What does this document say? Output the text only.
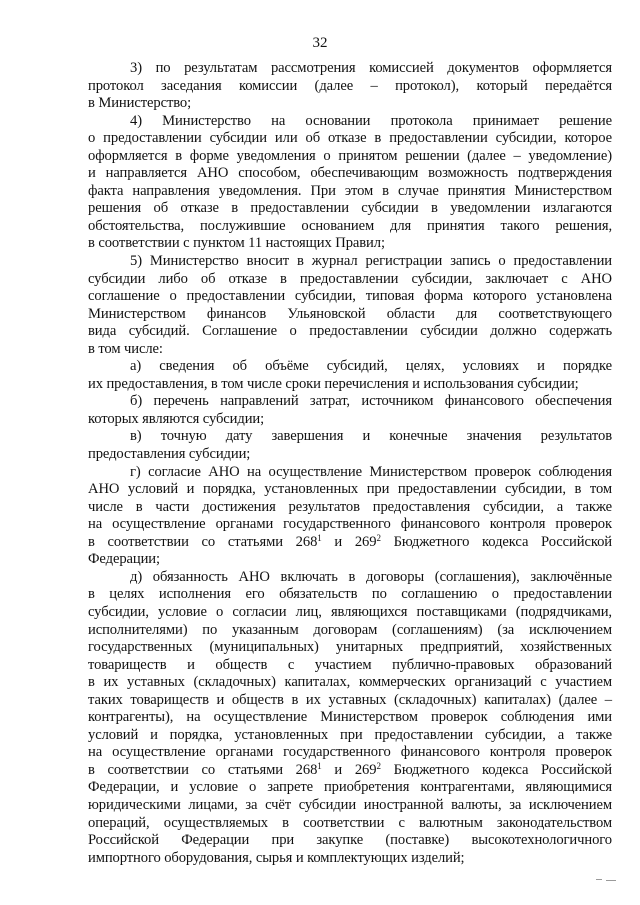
32
3) по результатам рассмотрения комиссией документов оформляется
протокол заседания комиссии (далее – протокол), который передаётся
в Министерство;
4) Министерство на основании протокола принимает решение
о предоставлении субсидии или об отказе в предоставлении субсидии, которое
оформляется в форме уведомления о принятом решении (далее – уведомление)
и направляется АНО способом, обеспечивающим возможность подтверждения
факта направления уведомления. При этом в случае принятия Министерством
решения об отказе в предоставлении субсидии в уведомлении излагаются
обстоятельства, послужившие основанием для принятия такого решения,
в соответствии с пунктом 11 настоящих Правил;
5) Министерство вносит в журнал регистрации запись о предоставлении
субсидии либо об отказе в предоставлении субсидии, заключает с АНО
соглашение о предоставлении субсидии, типовая форма которого установлена
Министерством финансов Ульяновской области для соответствующего
вида субсидий. Соглашение о предоставлении субсидии должно содержать
в том числе:
а) сведения об объёме субсидий, целях, условиях и порядке
их предоставления, в том числе сроки перечисления и использования субсидии;
б) перечень направлений затрат, источником финансового обеспечения
которых являются субсидии;
в) точную дату завершения и конечные значения результатов
предоставления субсидии;
г) согласие АНО на осуществление Министерством проверок соблюдения
АНО условий и порядка, установленных при предоставлении субсидии, в том
числе в части достижения результатов предоставления субсидии, а также
на осуществление органами государственного финансового контроля проверок
в соответствии со статьями $268^1$ и $269^2$ Бюджетного кодекса Российской
Федерации;
д) обязанность АНО включать в договоры (соглашения), заключённые
в целях исполнения его обязательств по соглашению о предоставлении
субсидии, условие о согласии лиц, являющихся поставщиками (подрядчиками,
исполнителями) по указанным договорам (соглашениям) (за исключением
государственных (муниципальных) унитарных предприятий, хозяйственных
товариществ и обществ с участием публично-правовых образований
в их уставных (складочных) капиталах, коммерческих организаций с участием
таких товариществ и обществ в их уставных (складочных) капиталах) (далее –
контрагенты), на осуществление Министерством проверок соблюдения ими
условий и порядка, установленных при предоставлении субсидии, а также
на осуществление органами государственного финансового контроля проверок
в соответствии со статьями $268^1$ и $269^2$ Бюджетного кодекса Российской
Федерации, и условие о запрете приобретения контрагентами, являющимися
юридическими лицами, за счёт субсидии иностранной валюты, за исключением
операций, осуществляемых в соответствии с валютным законодательством
Российской Федерации при закупке (поставке) высокотехнологичного
импортного оборудования, сырья и комплектующих изделий;
